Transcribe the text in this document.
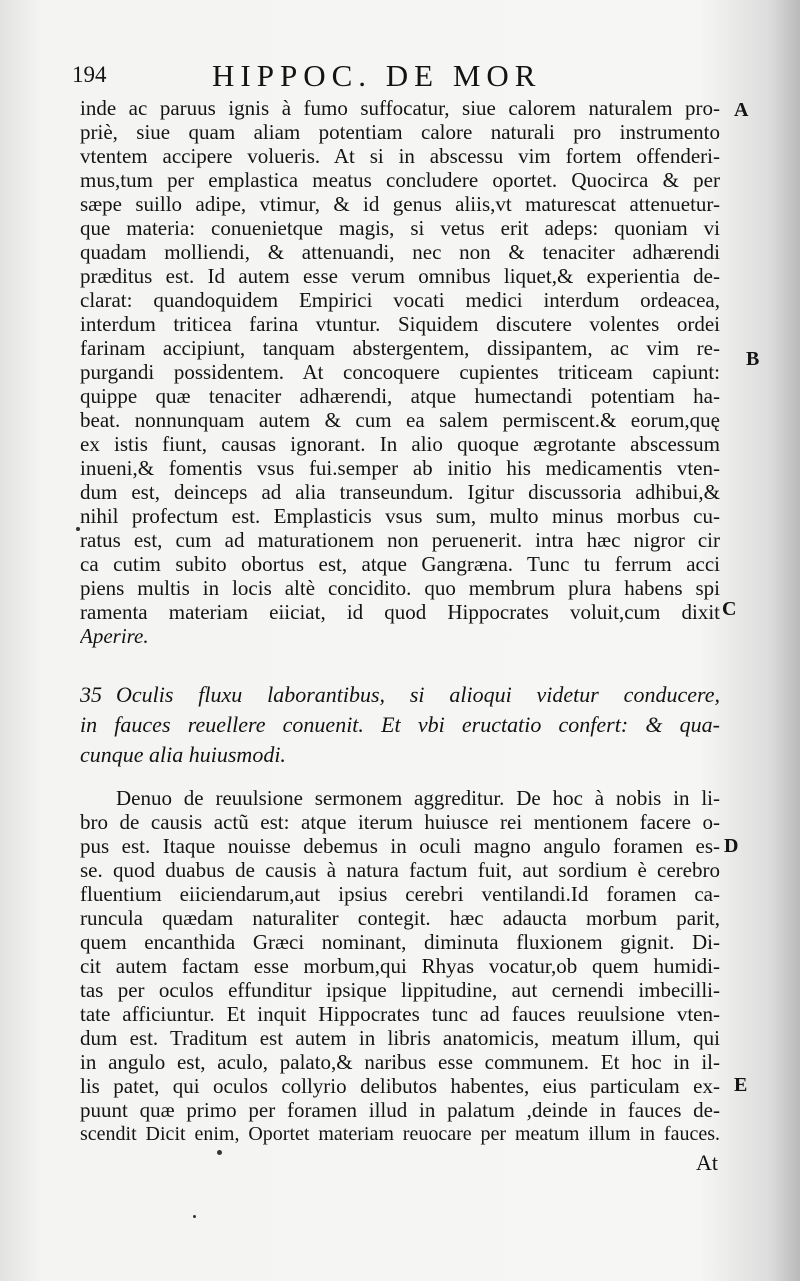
194	HIPPOC. DE MOR
inde ac paruus ignis à fumo suffocatur, siue calorem naturalem pro-
priè, siue quam aliam potentiam calore naturali pro instrumento
vtentem accipere volueris. At si in abscessu vim fortem offenderi-
mus,tum per emplastica meatus concludere oportet. Quocirca & per
sæpe suillo adipe, vtimur, & id genus aliis,vt maturescat attenuetur-
que materia: conuenietque magis, si vetus erit adeps: quoniam vi
quadam molliendi, & attenuandi, nec non & tenaciter adhærendi
præditus est. Id autem esse verum omnibus liquet,& experientia de-
clarat: quandoquidem Empirici vocati medici interdum ordeacea,
interdum triticea farina vtuntur. Siquidem discutere volentes ordei
farinam accipiunt, tanquam abstergentem, dissipantem, ac vim re-
purgandi possidentem. At concoquere cupientes triticeam capiunt:
quippe quæ tenaciter adhærendi, atque humectandi potentiam ha-
beat. nonnunquam autem & cum ea salem permiscent.& eorum,quę
ex istis fiunt, causas ignorant. In alio quoque ægrotante abscessum
inueni,& fomentis vsus fui.semper ab initio his medicamentis vten-
dum est, deinceps ad alia transeundum. Igitur discussoria adhibui,&
nihil profectum est. Emplasticis vsus sum, multo minus morbus cu-
ratus est, cum ad maturationem non peruenerit. intra hæc nigror cir
ca cutim subito obortus est, atque Gangræna. Tunc tu ferrum acci
piens multis in locis altè concidito. quo membrum plura habens spi
ramenta materiam eiiciat, id quod Hippocrates voluit,cum dixit
Aperire.
35 Oculis fluxu laborantibus, si alioqui videtur conducere,
in fauces reuellere conuenit. Et vbi eructatio confert: & qua-
cunque alia huiusmodi.
Denuo de reuulsione sermonem aggreditur. De hoc à nobis in li-
bro de causis actũ est: atque iterum huiusce rei mentionem facere o-
pus est. Itaque nouisse debemus in oculi magno angulo foramen es-
se. quod duabus de causis à natura factum fuit, aut sordium è cerebro
fluentium eiiciendarum,aut ipsius cerebri ventilandi.Id foramen ca-
runcula quædam naturaliter contegit. hæc adaucta morbum parit,
quem encanthida Græci nominant, diminuta fluxionem gignit. Di-
cit autem factam esse morbum,qui Rhyas vocatur,ob quem humidi-
tas per oculos effunditur ipsique lippitudine, aut cernendi imbecilli-
tate afficiuntur. Et inquit Hippocrates tunc ad fauces reuulsione vten-
dum est. Traditum est autem in libris anatomicis, meatum illum, qui
in angulo est, aculo, palato,& naribus esse communem. Et hoc in il-
lis patet, qui oculos collyrio delibutos habentes, eius particulam ex-
puunt quæ primo per foramen illud in palatum ,deinde in fauces de-
scendit Dicit enim, Oportet materiam reuocare per meatum illum in fauces.
A
B
C
D
E
At
